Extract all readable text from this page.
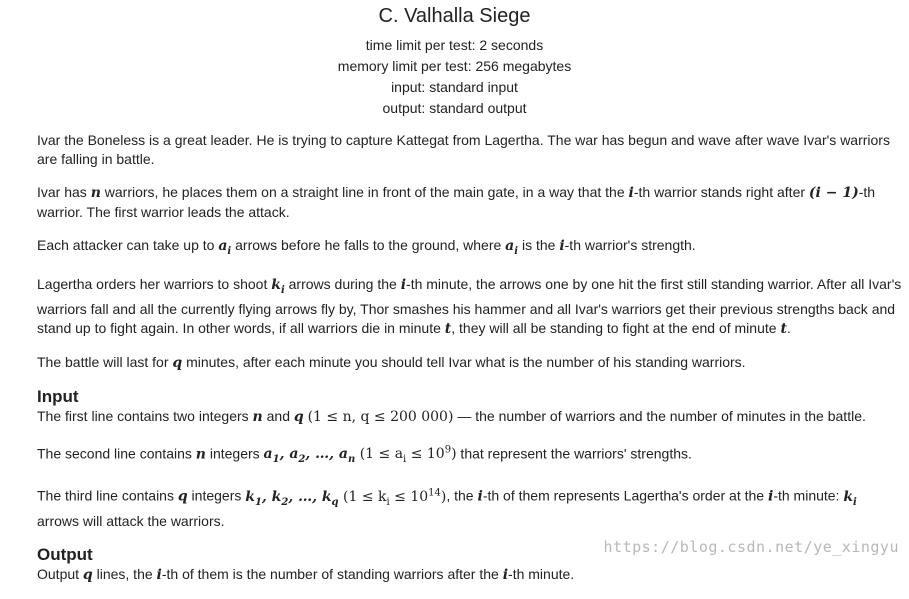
C. Valhalla Siege
time limit per test: 2 seconds
memory limit per test: 256 megabytes
input: standard input
output: standard output

Ivar the Boneless is a great leader. He is trying to capture Kattegat from Lagertha. The war has begun and wave after wave Ivar's warriors are falling in battle.

Ivar has n warriors, he places them on a straight line in front of the main gate, in a way that the i-th warrior stands right after (i − 1)-th warrior. The first warrior leads the attack.

Each attacker can take up to $a_i$ arrows before he falls to the ground, where $a_i$ is the i-th warrior's strength.

Lagertha orders her warriors to shoot $k_i$ arrows during the i-th minute, the arrows one by one hit the first still standing warrior. After all Ivar's warriors fall and all the currently flying arrows fly by, Thor smashes his hammer and all Ivar's warriors get their previous strengths back and stand up to fight again. In other words, if all warriors die in minute t, they will all be standing to fight at the end of minute t.

The battle will last for q minutes, after each minute you should tell Ivar what is the number of his standing warriors.

Input

The first line contains two integers n and q (1 ≤ n, q ≤ 200 000) — the number of warriors and the number of minutes in the battle.

The second line contains n integers $a_1$, $a_2$, …, $a_n$ $(1 \le a_i \le 10^9)$ that represent the warriors' strengths.

The third line contains q integers $k_1$, $k_2$, …, $k_q$ $(1 \le k_i \le 10^{14})$, the i-th of them represents Lagertha's order at the i-th minute: $k_i$ arrows will attack the warriors.

Output

Output q lines, the i-th of them is the number of standing warriors after the i-th minute.

https://blog.csdn.net/ye_xingyu
